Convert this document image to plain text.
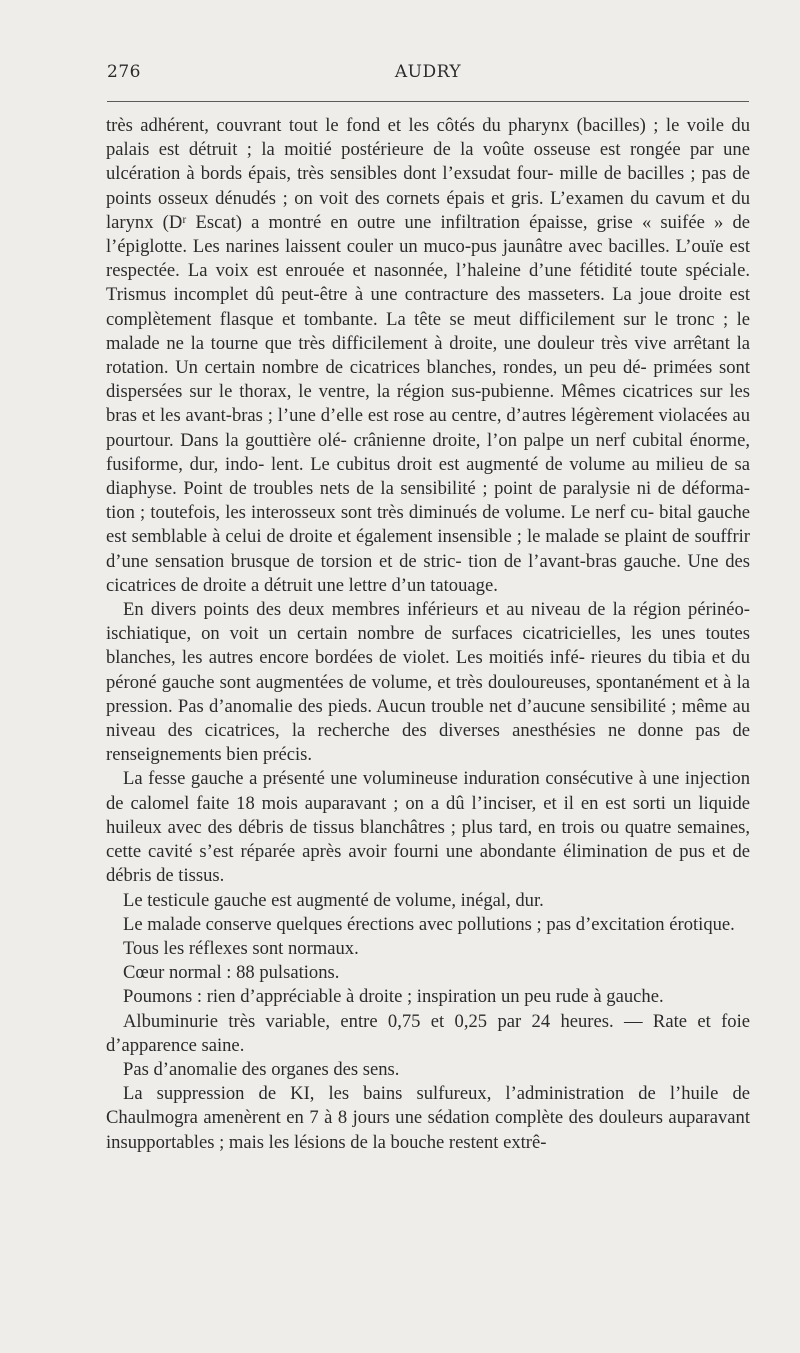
276	AUDRY

très adhérent, couvrant tout le fond et les côtés du pharynx (bacilles) ; le voile du palais est détruit ; la moitié postérieure de la voûte osseuse est rongée par une ulcération à bords épais, très sensibles dont l’exsudat four- mille de bacilles ; pas de points osseux dénudés ; on voit des cornets épais et gris. L’examen du cavum et du larynx (Dʳ Escat) a montré en outre une infiltration épaisse, grise « suifée » de l’épiglotte. Les narines laissent couler un muco-pus jaunâtre avec bacilles. L’ouïe est respectée. La voix est enrouée et nasonnée, l’haleine d’une fétidité toute spéciale. Trismus incomplet dû peut-être à une contracture des masseters. La joue droite est complètement flasque et tombante. La tête se meut difficilement sur le tronc ; le malade ne la tourne que très difficilement à droite, une douleur très vive arrêtant la rotation. Un certain nombre de cicatrices blanches, rondes, un peu dé- primées sont dispersées sur le thorax, le ventre, la région sus-pubienne. Mêmes cicatrices sur les bras et les avant-bras ; l’une d’elle est rose au centre, d’autres légèrement violacées au pourtour. Dans la gouttière olé- crânienne droite, l’on palpe un nerf cubital énorme, fusiforme, dur, indo- lent. Le cubitus droit est augmenté de volume au milieu de sa diaphyse. Point de troubles nets de la sensibilité ; point de paralysie ni de déforma- tion ; toutefois, les interosseux sont très diminués de volume. Le nerf cu- bital gauche est semblable à celui de droite et également insensible ; le malade se plaint de souffrir d’une sensation brusque de torsion et de stric- tion de l’avant-bras gauche. Une des cicatrices de droite a détruit une lettre d’un tatouage.

En divers points des deux membres inférieurs et au niveau de la région périnéo-ischiatique, on voit un certain nombre de surfaces cicatricielles, les unes toutes blanches, les autres encore bordées de violet. Les moitiés infé- rieures du tibia et du péroné gauche sont augmentées de volume, et très douloureuses, spontanément et à la pression. Pas d’anomalie des pieds. Aucun trouble net d’aucune sensibilité ; même au niveau des cicatrices, la recherche des diverses anesthésies ne donne pas de renseignements bien précis.

La fesse gauche a présenté une volumineuse induration consécutive à une injection de calomel faite 18 mois auparavant ; on a dû l’inciser, et il en est sorti un liquide huileux avec des débris de tissus blanchâtres ; plus tard, en trois ou quatre semaines, cette cavité s’est réparée après avoir fourni une abondante élimination de pus et de débris de tissus.

Le testicule gauche est augmenté de volume, inégal, dur.

Le malade conserve quelques érections avec pollutions ; pas d’excitation érotique.

Tous les réflexes sont normaux.

Cœur normal : 88 pulsations.

Poumons : rien d’appréciable à droite ; inspiration un peu rude à gauche.

Albuminurie très variable, entre 0,75 et 0,25 par 24 heures. — Rate et foie d’apparence saine.

Pas d’anomalie des organes des sens.

La suppression de KI, les bains sulfureux, l’administration de l’huile de Chaulmogra amenèrent en 7 à 8 jours une sédation complète des douleurs auparavant insupportables ; mais les lésions de la bouche restent extrê-
